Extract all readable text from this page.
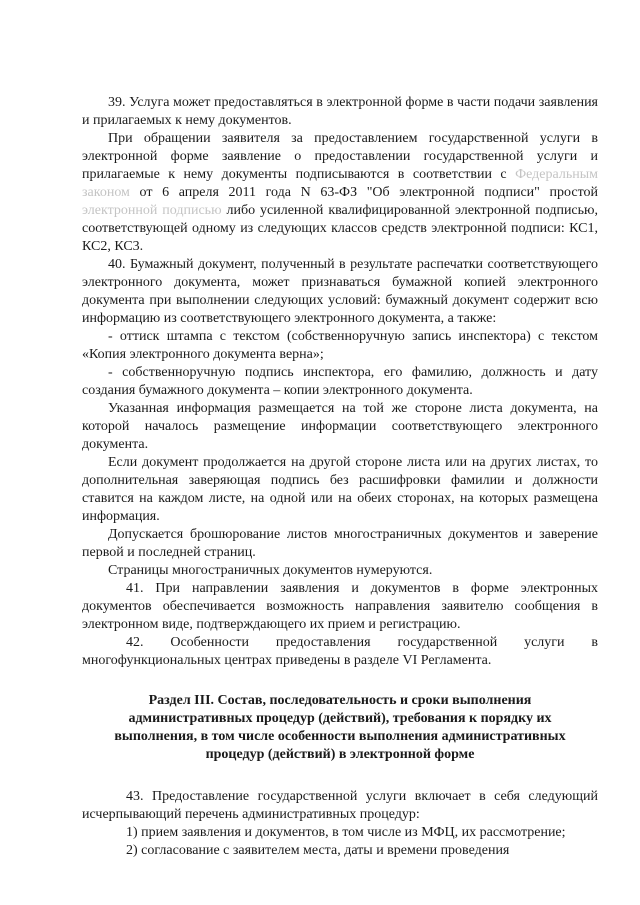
39. Услуга может предоставляться в электронной форме в части подачи заявления и прилагаемых к нему документов.

При обращении заявителя за предоставлением государственной услуги в электронной форме заявление о предоставлении государственной услуги и прилагаемые к нему документы подписываются в соответствии с Федеральным законом от 6 апреля 2011 года N 63-ФЗ "Об электронной подписи" простой электронной подписью либо усиленной квалифицированной электронной подписью, соответствующей одному из следующих классов средств электронной подписи: КС1, КС2, КС3.

40. Бумажный документ, полученный в результате распечатки соответствующего электронного документа, может признаваться бумажной копией электронного документа при выполнении следующих условий: бумажный документ содержит всю информацию из соответствующего электронного документа, а также:

- оттиск штампа с текстом (собственноручную запись инспектора) с текстом «Копия электронного документа верна»;

- собственноручную подпись инспектора, его фамилию, должность и дату создания бумажного документа – копии электронного документа.

Указанная информация размещается на той же стороне листа документа, на которой началось размещение информации соответствующего электронного документа.

Если документ продолжается на другой стороне листа или на других листах, то дополнительная заверяющая подпись без расшифровки фамилии и должности ставится на каждом листе, на одной или на обеих сторонах, на которых размещена информация.

Допускается брошюрование листов многостраничных документов и заверение первой и последней страниц.

Страницы многостраничных документов нумеруются.

41. При направлении заявления и документов в форме электронных документов обеспечивается возможность направления заявителю сообщения в электронном виде, подтверждающего их прием и регистрацию.

42. Особенности предоставления государственной услуги в многофункциональных центрах приведены в разделе VI Регламента.

Раздел III. Состав, последовательность и сроки выполнения
административных процедур (действий), требования к порядку их
выполнения, в том числе особенности выполнения административных
процедур (действий) в электронной форме

43. Предоставление государственной услуги включает в себя следующий исчерпывающий перечень административных процедур:

1) прием заявления и документов, в том числе из МФЦ, их рассмотрение;

2) согласование с заявителем места, даты и времени проведения
